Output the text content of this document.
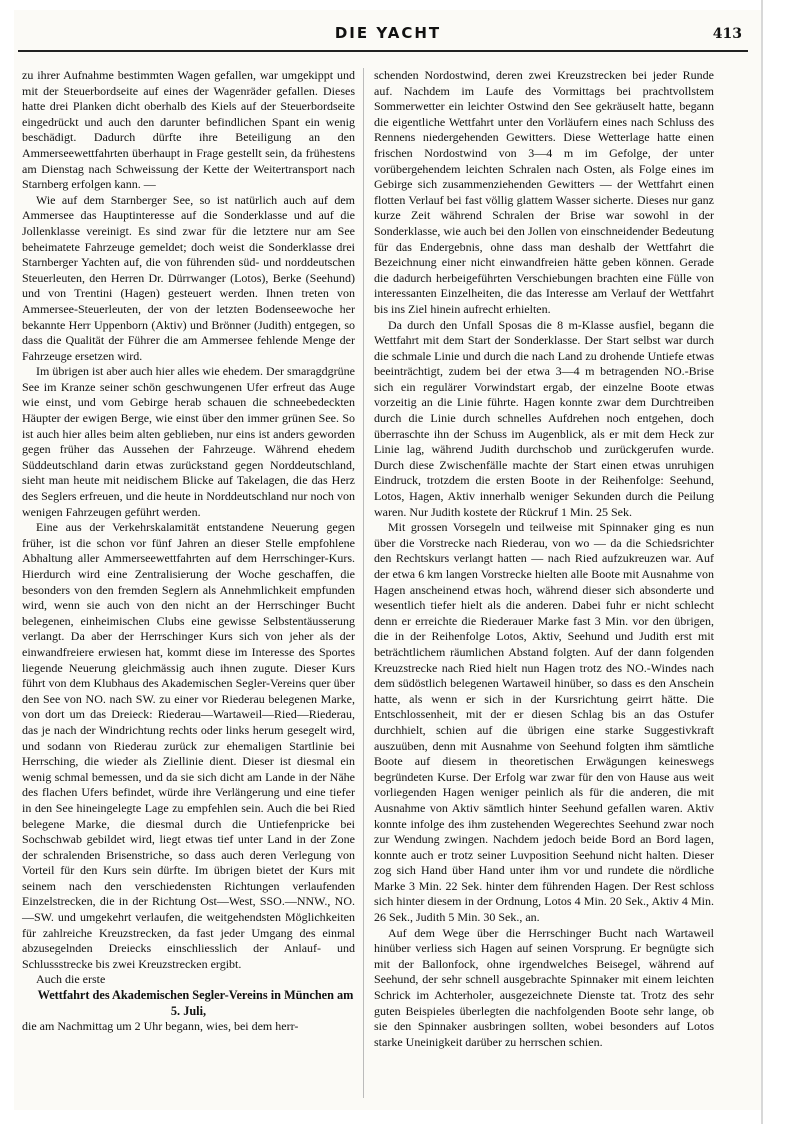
DIE YACHT	413

zu ihrer Aufnahme bestimmten Wagen gefallen, war umgekippt und mit der Steuerbordseite auf eines der Wagenräder gefallen. Dieses hatte drei Planken dicht oberhalb des Kiels auf der Steuerbordseite eingedrückt und auch den darunter befindlichen Spant ein wenig beschädigt. Dadurch dürfte ihre Beteiligung an den Ammerseewettfahrten überhaupt in Frage gestellt sein, da frühestens am Dienstag nach Schweissung der Kette der Weitertransport nach Starnberg erfolgen kann. —

Wie auf dem Starnberger See, so ist natürlich auch auf dem Ammersee das Hauptinteresse auf die Sonderklasse und auf die Jollenklasse vereinigt. Es sind zwar für die letztere nur am See beheimatete Fahrzeuge gemeldet; doch weist die Sonderklasse drei Starnberger Yachten auf, die von führenden süd- und norddeutschen Steuerleuten, den Herren Dr. Dürrwanger (Lotos), Berke (Seehund) und von Trentini (Hagen) gesteuert werden. Ihnen treten von Ammersee-Steuerleuten, der von der letzten Bodenseewoche her bekannte Herr Uppenborn (Aktiv) und Brönner (Judith) entgegen, so dass die Qualität der Führer die am Ammersee fehlende Menge der Fahrzeuge ersetzen wird.

Im übrigen ist aber auch hier alles wie ehedem. Der smaragdgrüne See im Kranze seiner schön geschwungenen Ufer erfreut das Auge wie einst, und vom Gebirge herab schauen die schneebedeckten Häupter der ewigen Berge, wie einst über den immer grünen See. So ist auch hier alles beim alten geblieben, nur eins ist anders geworden gegen früher das Aussehen der Fahrzeuge. Während ehedem Süddeutschland darin etwas zurückstand gegen Norddeutschland, sieht man heute mit neidischem Blicke auf Takelagen, die das Herz des Seglers erfreuen, und die heute in Norddeutschland nur noch von wenigen Fahrzeugen geführt werden.

Eine aus der Verkehrskalamität entstandene Neuerung gegen früher, ist die schon vor fünf Jahren an dieser Stelle empfohlene Abhaltung aller Ammerseewettfahrten auf dem Herrschinger-Kurs. Hierdurch wird eine Zentralisierung der Woche geschaffen, die besonders von den fremden Seglern als Annehmlichkeit empfunden wird, wenn sie auch von den nicht an der Herrschinger Bucht belegenen, einheimischen Clubs eine gewisse Selbstentäusserung verlangt. Da aber der Herrschinger Kurs sich von jeher als der einwandfreiere erwiesen hat, kommt diese im Interesse des Sportes liegende Neuerung gleichmässig auch ihnen zugute. Dieser Kurs führt von dem Klubhaus des Akademischen Segler-Vereins quer über den See von NO. nach SW. zu einer vor Riederau belegenen Marke, von dort um das Dreieck: Riederau—Wartaweil—Ried—Riederau, das je nach der Windrichtung rechts oder links herum gesegelt wird, und sodann von Riederau zurück zur ehemaligen Startlinie bei Herrsching, die wieder als Ziellinie dient. Dieser ist diesmal ein wenig schmal bemessen, und da sie sich dicht am Lande in der Nähe des flachen Ufers befindet, würde ihre Verlängerung und eine tiefer in den See hineingelegte Lage zu empfehlen sein. Auch die bei Ried belegene Marke, die diesmal durch die Untiefenpricke bei Sochschwab gebildet wird, liegt etwas tief unter Land in der Zone der schralenden Brisenstriche, so dass auch deren Verlegung von Vorteil für den Kurs sein dürfte. Im übrigen bietet der Kurs mit seinem nach den verschiedensten Richtungen verlaufenden Einzelstrecken, die in der Richtung Ost—West, SSO.—NNW., NO.—SW. und umgekehrt verlaufen, die weitgehendsten Möglichkeiten für zahlreiche Kreuzstrecken, da fast jeder Umgang des einmal abzusegelnden Dreiecks einschliesslich der Anlauf- und Schlussstrecke bis zwei Kreuzstrecken ergibt.

Auch die erste

Wettfahrt des Akademischen Segler-Vereins in München am 5. Juli,

die am Nachmittag um 2 Uhr begann, wies, bei dem herr-

schenden Nordostwind, deren zwei Kreuzstrecken bei jeder Runde auf. Nachdem im Laufe des Vormittags bei prachtvollstem Sommerwetter ein leichter Ostwind den See gekräuselt hatte, begann die eigentliche Wettfahrt unter den Vorläufern eines nach Schluss des Rennens niedergehenden Gewitters. Diese Wetterlage hatte einen frischen Nordostwind von 3—4 m im Gefolge, der unter vorübergehendem leichten Schralen nach Osten, als Folge eines im Gebirge sich zusammenziehenden Gewitters — der Wettfahrt einen flotten Verlauf bei fast völlig glattem Wasser sicherte. Dieses nur ganz kurze Zeit während Schralen der Brise war sowohl in der Sonderklasse, wie auch bei den Jollen von einschneidender Bedeutung für das Endergebnis, ohne dass man deshalb der Wettfahrt die Bezeichnung einer nicht einwandfreien hätte geben können. Gerade die dadurch herbeigeführten Verschiebungen brachten eine Fülle von interessanten Einzelheiten, die das Interesse am Verlauf der Wettfahrt bis ins Ziel hinein aufrecht erhielten.

Da durch den Unfall Sposas die 8 m-Klasse ausfiel, begann die Wettfahrt mit dem Start der Sonderklasse. Der Start selbst war durch die schmale Linie und durch die nach Land zu drohende Untiefe etwas beeinträchtigt, zudem bei der etwa 3—4 m betragenden NO.-Brise sich ein regulärer Vorwindstart ergab, der einzelne Boote etwas vorzeitig an die Linie führte. Hagen konnte zwar dem Durchtreiben durch die Linie durch schnelles Aufdrehen noch entgehen, doch überraschte ihn der Schuss im Augenblick, als er mit dem Heck zur Linie lag, während Judith durchschob und zurückgerufen wurde. Durch diese Zwischenfälle machte der Start einen etwas unruhigen Eindruck, trotzdem die ersten Boote in der Reihenfolge: Seehund, Lotos, Hagen, Aktiv innerhalb weniger Sekunden durch die Peilung waren. Nur Judith kostete der Rückruf 1 Min. 25 Sek.

Mit grossen Vorsegeln und teilweise mit Spinnaker ging es nun über die Vorstrecke nach Riederau, von wo — da die Schiedsrichter den Rechtskurs verlangt hatten — nach Ried aufzukreuzen war. Auf der etwa 6 km langen Vorstrecke hielten alle Boote mit Ausnahme von Hagen anscheinend etwas hoch, während dieser sich absonderte und wesentlich tiefer hielt als die anderen. Dabei fuhr er nicht schlecht denn er erreichte die Riederauer Marke fast 3 Min. vor den übrigen, die in der Reihenfolge Lotos, Aktiv, Seehund und Judith erst mit beträchtlichem räumlichen Abstand folgten. Auf der dann folgenden Kreuzstrecke nach Ried hielt nun Hagen trotz des NO.-Windes nach dem südöstlich belegenen Wartaweil hinüber, so dass es den Anschein hatte, als wenn er sich in der Kursrichtung geirrt hätte. Die Entschlossenheit, mit der er diesen Schlag bis an das Ostufer durchhielt, schien auf die übrigen eine starke Suggestivkraft auszuüben, denn mit Ausnahme von Seehund folgten ihm sämtliche Boote auf diesem in theoretischen Erwägungen keineswegs begründeten Kurse. Der Erfolg war zwar für den von Hause aus weit vorliegenden Hagen weniger peinlich als für die anderen, die mit Ausnahme von Aktiv sämtlich hinter Seehund gefallen waren. Aktiv konnte infolge des ihm zustehenden Wegerechtes Seehund zwar noch zur Wendung zwingen. Nachdem jedoch beide Bord an Bord lagen, konnte auch er trotz seiner Luvposition Seehund nicht halten. Dieser zog sich Hand über Hand unter ihm vor und rundete die nördliche Marke 3 Min. 22 Sek. hinter dem führenden Hagen. Der Rest schloss sich hinter diesem in der Ordnung, Lotos 4 Min. 20 Sek., Aktiv 4 Min. 26 Sek., Judith 5 Min. 30 Sek., an.

Auf dem Wege über die Herrschinger Bucht nach Wartaweil hinüber verliess sich Hagen auf seinen Vorsprung. Er begnügte sich mit der Ballonfock, ohne irgendwelches Beisegel, während auf Seehund, der sehr schnell ausgebrachte Spinnaker mit einem leichten Schrick im Achterholer, ausgezeichnete Dienste tat. Trotz des sehr guten Beispieles überlegten die nachfolgenden Boote sehr lange, ob sie den Spinnaker ausbringen sollten, wobei besonders auf Lotos starke Uneinigkeit darüber zu herrschen schien.
